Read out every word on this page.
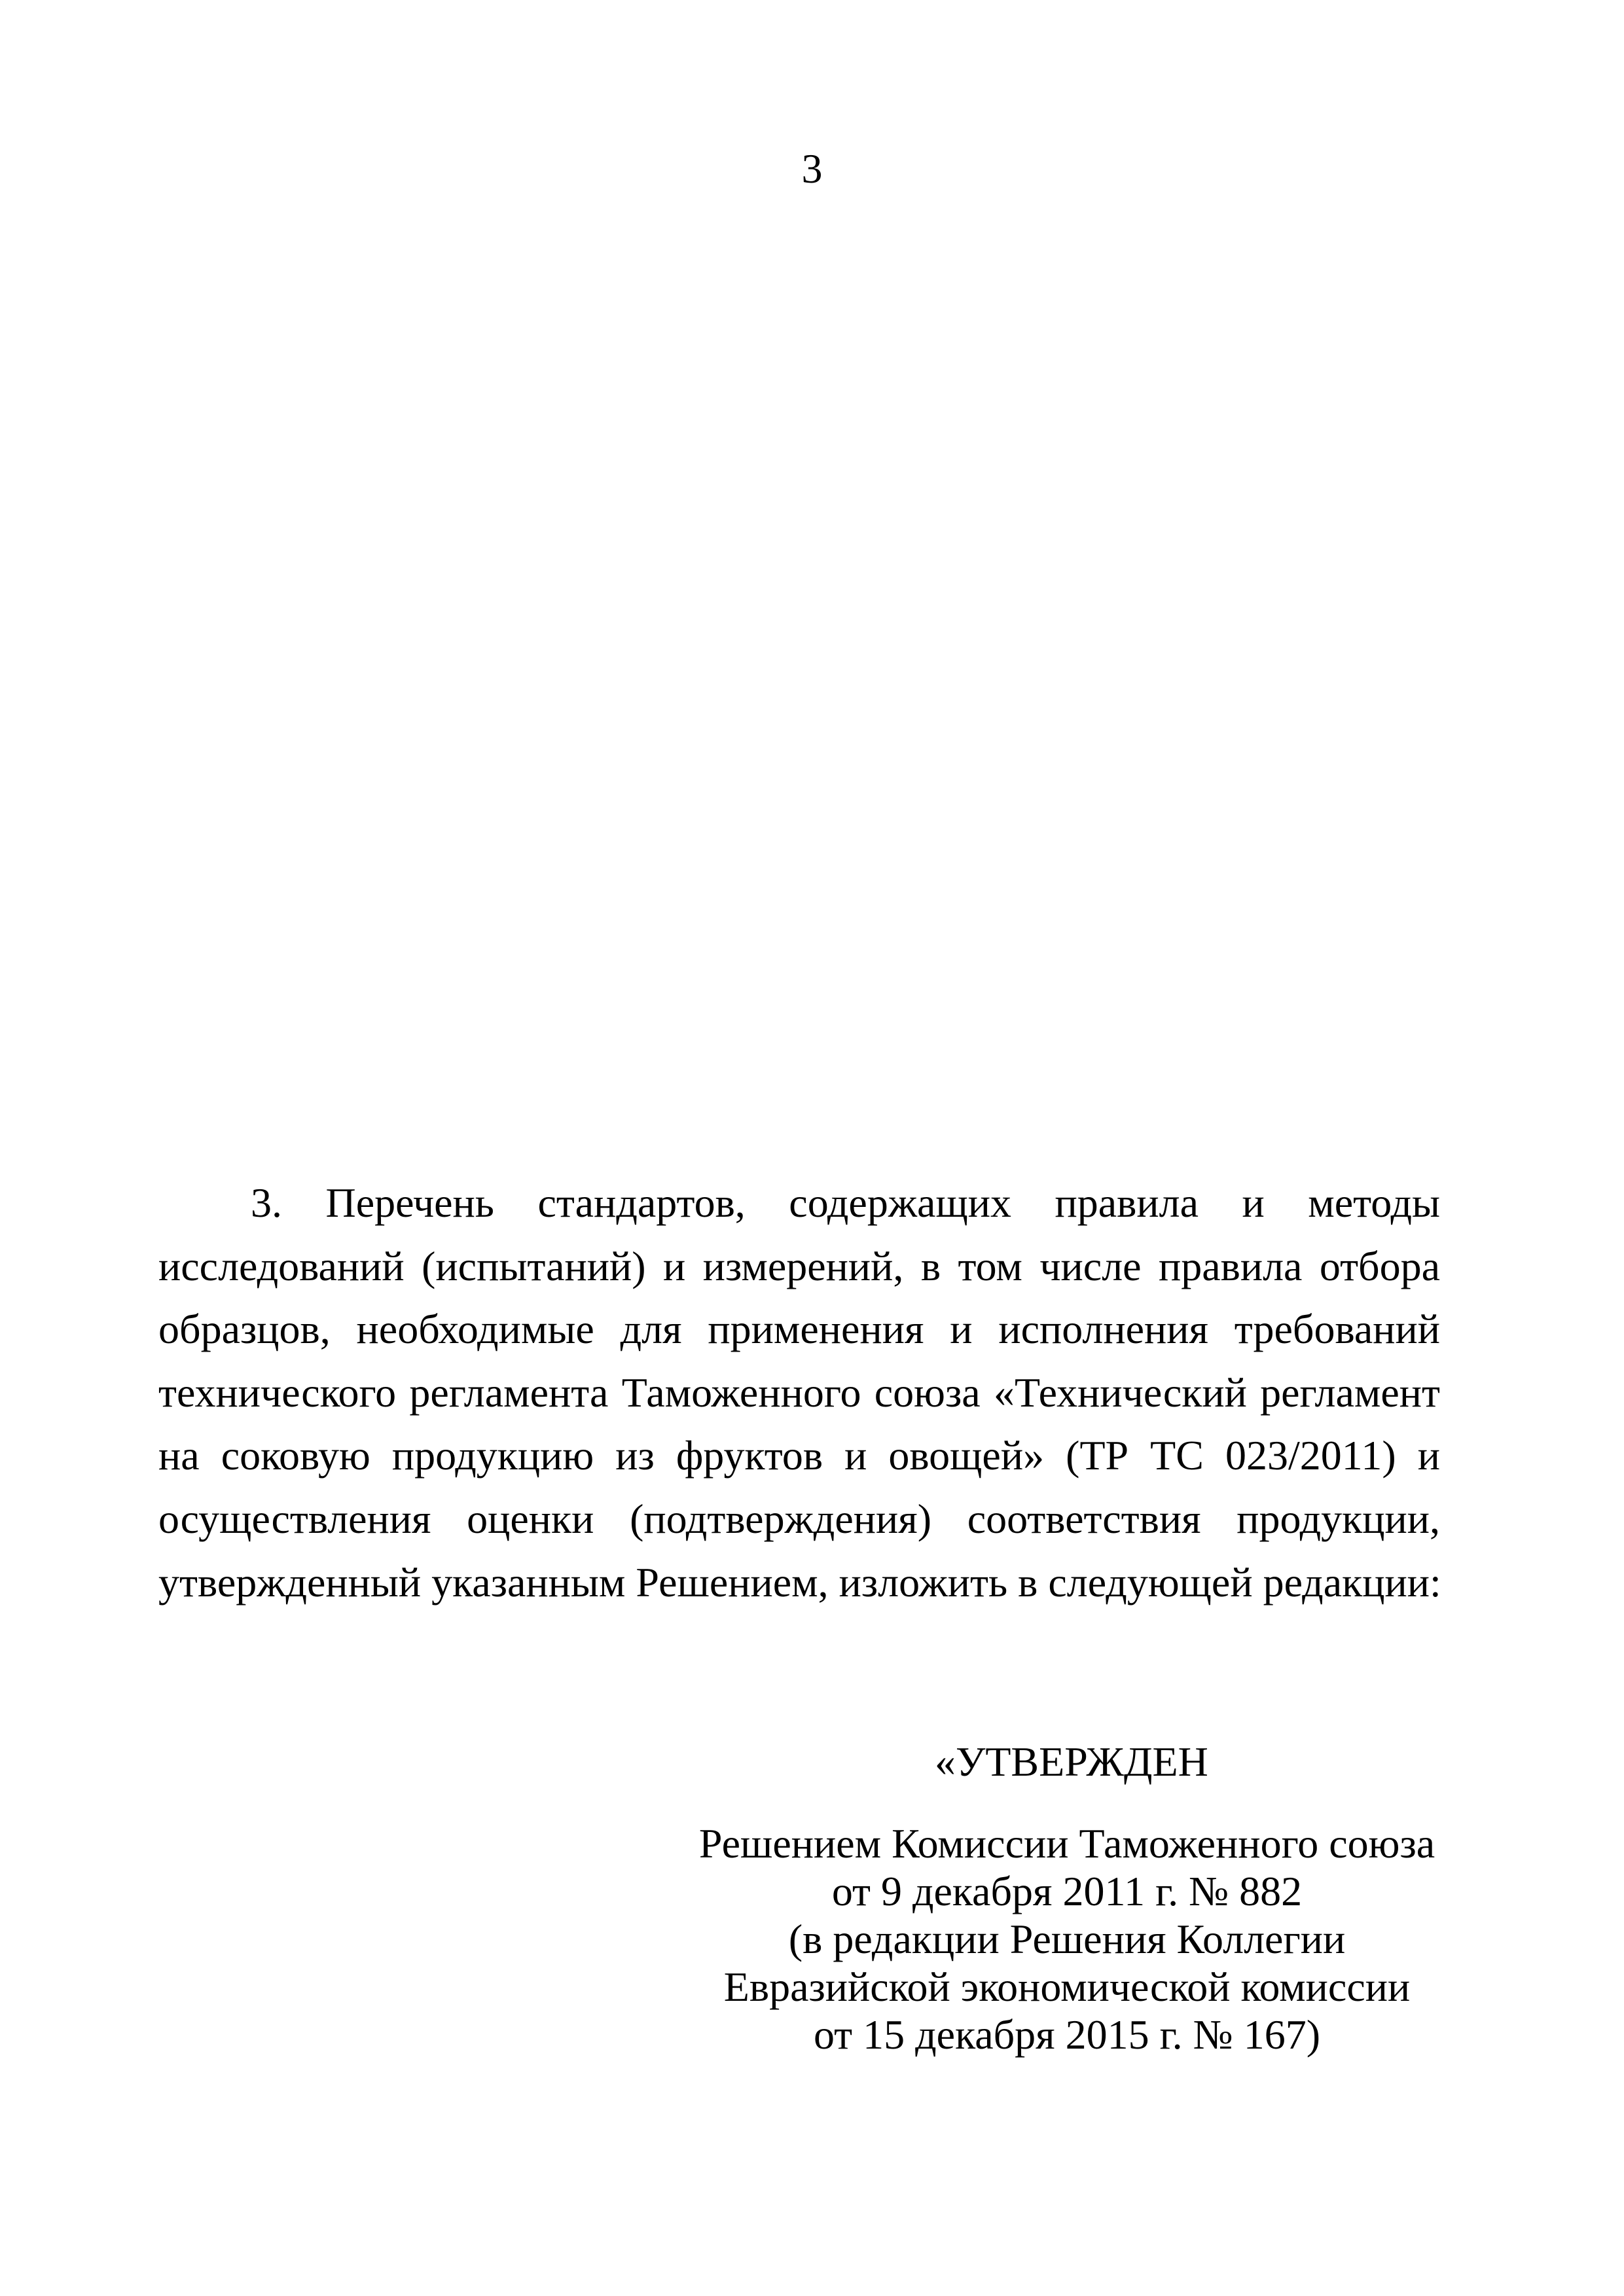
3
3. Перечень стандартов, содержащих правила и методы
исследований (испытаний) и измерений, в том числе правила отбора
образцов, необходимые для применения и исполнения требований
технического регламента Таможенного союза «Технический регламент
на соковую продукцию из фруктов и овощей» (ТР ТС 023/2011) и
осуществления оценки (подтверждения) соответствия продукции,
утвержденный указанным Решением, изложить в следующей редакции:
«УТВЕРЖДЕН
Решением Комиссии Таможенного союза
от 9 декабря 2011 г. № 882
(в редакции Решения Коллегии
Евразийской экономической комиссии
от 15 декабря 2015 г. № 167)
